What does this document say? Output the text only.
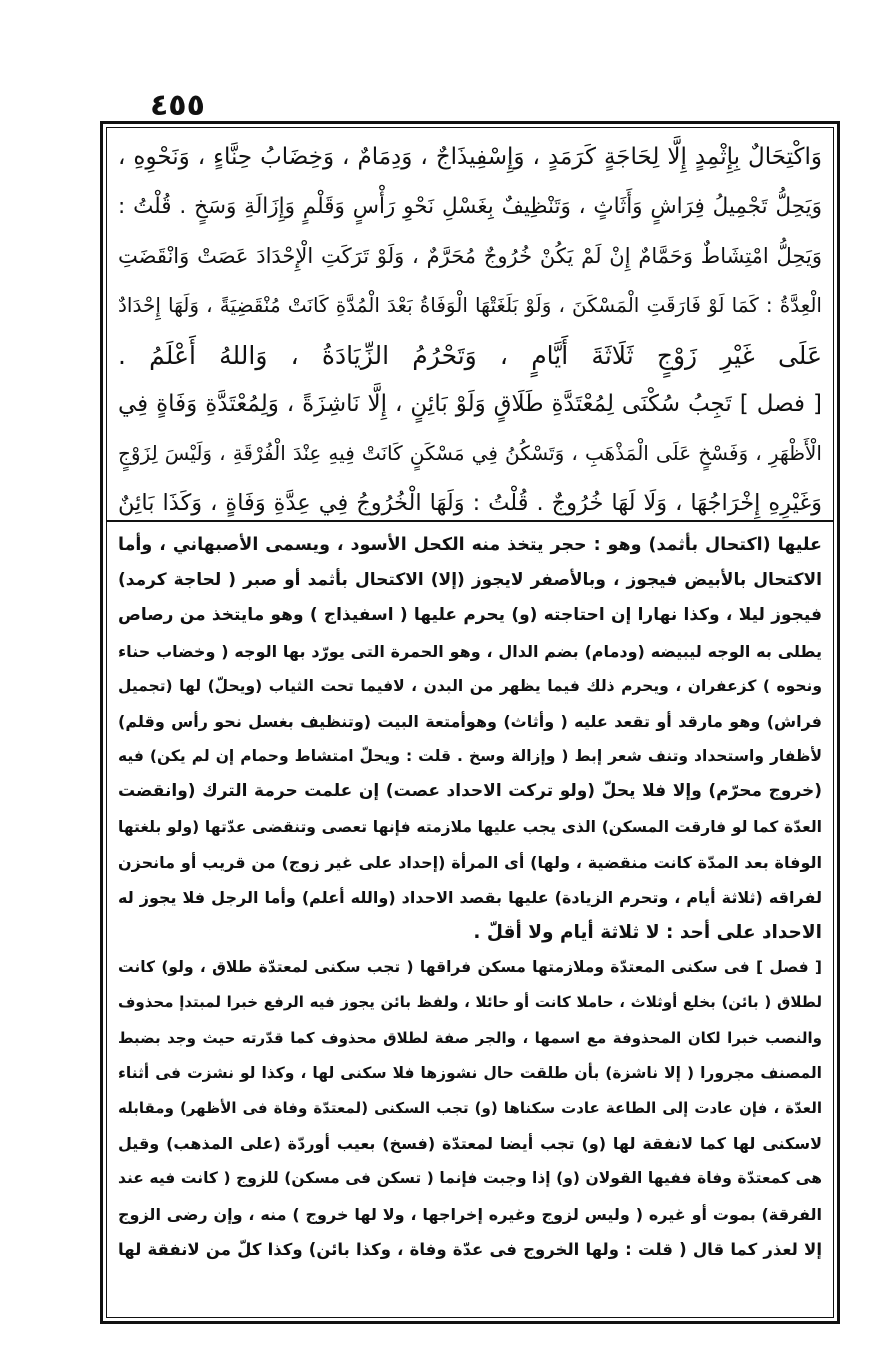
٤٥٥
وَاكْتِحَالٌ بِإِثْمِدٍ إِلَّا لِحَاجَةٍ كَرَمَدٍ ، وَإِسْفِيذَاجٌ ، وَدِمَامٌ ، وَخِضَابُ حِنَّاءٍ ، وَنَحْوِهِ ،
وَيَحِلُّ تَجْمِيلُ فِرَاشٍ وَأَثَاثٍ ، وَتَنْظِيفٌ بِغَسْلِ نَحْوِ رَأْسٍ وَقَلْمٍ وَإِزَالَةِ وَسَخٍ . قُلْتُ :
وَيَحِلُّ امْتِشَاطٌ وَحَمَّامٌ إِنْ لَمْ يَكُنْ خُرُوجٌ مُحَرَّمٌ ، وَلَوْ تَرَكَتِ الْإِحْدَادَ عَصَتْ وَانْقَضَتِ
الْعِدَّةُ : كَمَا لَوْ فَارَقَتِ الْمَسْكَنَ ، وَلَوْ بَلَغَتْهَا الْوَفَاةُ بَعْدَ الْمُدَّةِ كَانَتْ مُنْقَضِيَةً ، وَلَهَا إِحْدَادٌ
عَلَى غَيْرِ زَوْجٍ ثَلَاثَةَ أَيَّامٍ ، وَتَحْرُمُ الزِّيَادَةُ ، وَاللهُ أَعْلَمُ .
[ فصل ] تَجِبُ سُكْنَى لِمُعْتَدَّةِ طَلَاقٍ وَلَوْ بَائِنٍ ، إِلَّا نَاشِزَةً ، وَلِمُعْتَدَّةِ وَفَاةٍ فِي
الْأَظْهَرِ ، وَفَسْخٍ عَلَى الْمَذْهَبِ ، وَتَسْكُنُ فِي مَسْكَنٍ كَانَتْ فِيهِ عِنْدَ الْفُرْقَةِ ، وَلَيْسَ لِزَوْجٍ
وَغَيْرِهِ إِخْرَاجُهَا ، وَلَا لَهَا خُرُوجٌ . قُلْتُ : وَلَهَا الْخُرُوجُ فِي عِدَّةِ وَفَاةٍ ، وَكَذَا بَائِنٌ
عليها (اكتحال بأثمد) وهو : حجر يتخذ منه الكحل الأسود ، ويسمى الأصبهاني ، وأما
الاكتحال بالأبيض فيجوز ، وبالأصفر لايجوز (إلا) الاكتحال بأثمد أو صبر ( لحاجة كرمد)
فيجوز ليلا ، وكذا نهارا إن احتاجته (و) يحرم عليها ( اسفيذاج ) وهو مايتخذ من رصاص
يطلى به الوجه ليبيضه (ودمام) بضم الدال ، وهو الحمرة التى يورّد بها الوجه ( وخضاب حناء
ونحوه ) كزعفران ، ويحرم ذلك فيما يظهر من البدن ، لافيما تحت الثياب (ويحلّ) لها (تجميل
فراش) وهو مارقد أو تقعد عليه ( وأثاث) وهوأمتعة البيت (وتنظيف بغسل نحو رأس وقلم)
لأظفار واستحداد وتنف شعر إبط ( وإزالة وسخ . قلت : ويحلّ امتشاط وحمام إن لم يكن) فيه
(خروج محرّم) وإلا فلا يحلّ (ولو تركت الاحداد عصت) إن علمت حرمة الترك (وانقضت
العدّة كما لو فارقت المسكن) الذى يجب عليها ملازمته فإنها تعصى وتنقضى عدّتها (ولو بلغتها
الوفاة بعد المدّة كانت منقضية ، ولها) أى المرأة (إحداد على غير زوج) من قريب أو مانحزن
لفراقه (ثلاثة أيام ، وتحرم الزيادة) عليها بقصد الاحداد (والله أعلم) وأما الرجل فلا يجوز له
الاحداد على أحد : لا ثلاثة أيام ولا أقلّ .
[ فصل ] فى سكنى المعتدّة وملازمتها مسكن فراقها ( تجب سكنى لمعتدّة طلاق ، ولو) كانت
لطلاق ( بائن) بخلع أوثلاث ، حاملا كانت أو حائلا ، ولفظ بائن يجوز فيه الرفع خبرا لمبتدإ محذوف
والنصب خبرا لكان المحذوفة مع اسمها ، والجر صفة لطلاق محذوف كما قدّرته حيث وجد بضبط
المصنف مجرورا ( إلا ناشزة) بأن طلقت حال نشوزها فلا سكنى لها ، وكذا لو نشزت فى أثناء
العدّة ، فإن عادت إلى الطاعة عادت سكناها (و) تجب السكنى (لمعتدّة وفاة فى الأظهر) ومقابله
لاسكنى لها كما لانفقة لها (و) تجب أيضا لمعتدّة (فسخ) بعيب أوردّة (على المذهب) وقيل
هى كمعتدّة وفاة ففيها القولان (و) إذا وجبت فإنما ( تسكن فى مسكن) للزوج ( كانت فيه عند
الفرقة) بموت أو غيره ( وليس لزوج وغيره إخراجها ، ولا لها خروج ) منه ، وإن رضى الزوج
إلا لعذر كما قال ( قلت : ولها الخروج فى عدّة وفاة ، وكذا بائن) وكذا كلّ من لانفقة لها
